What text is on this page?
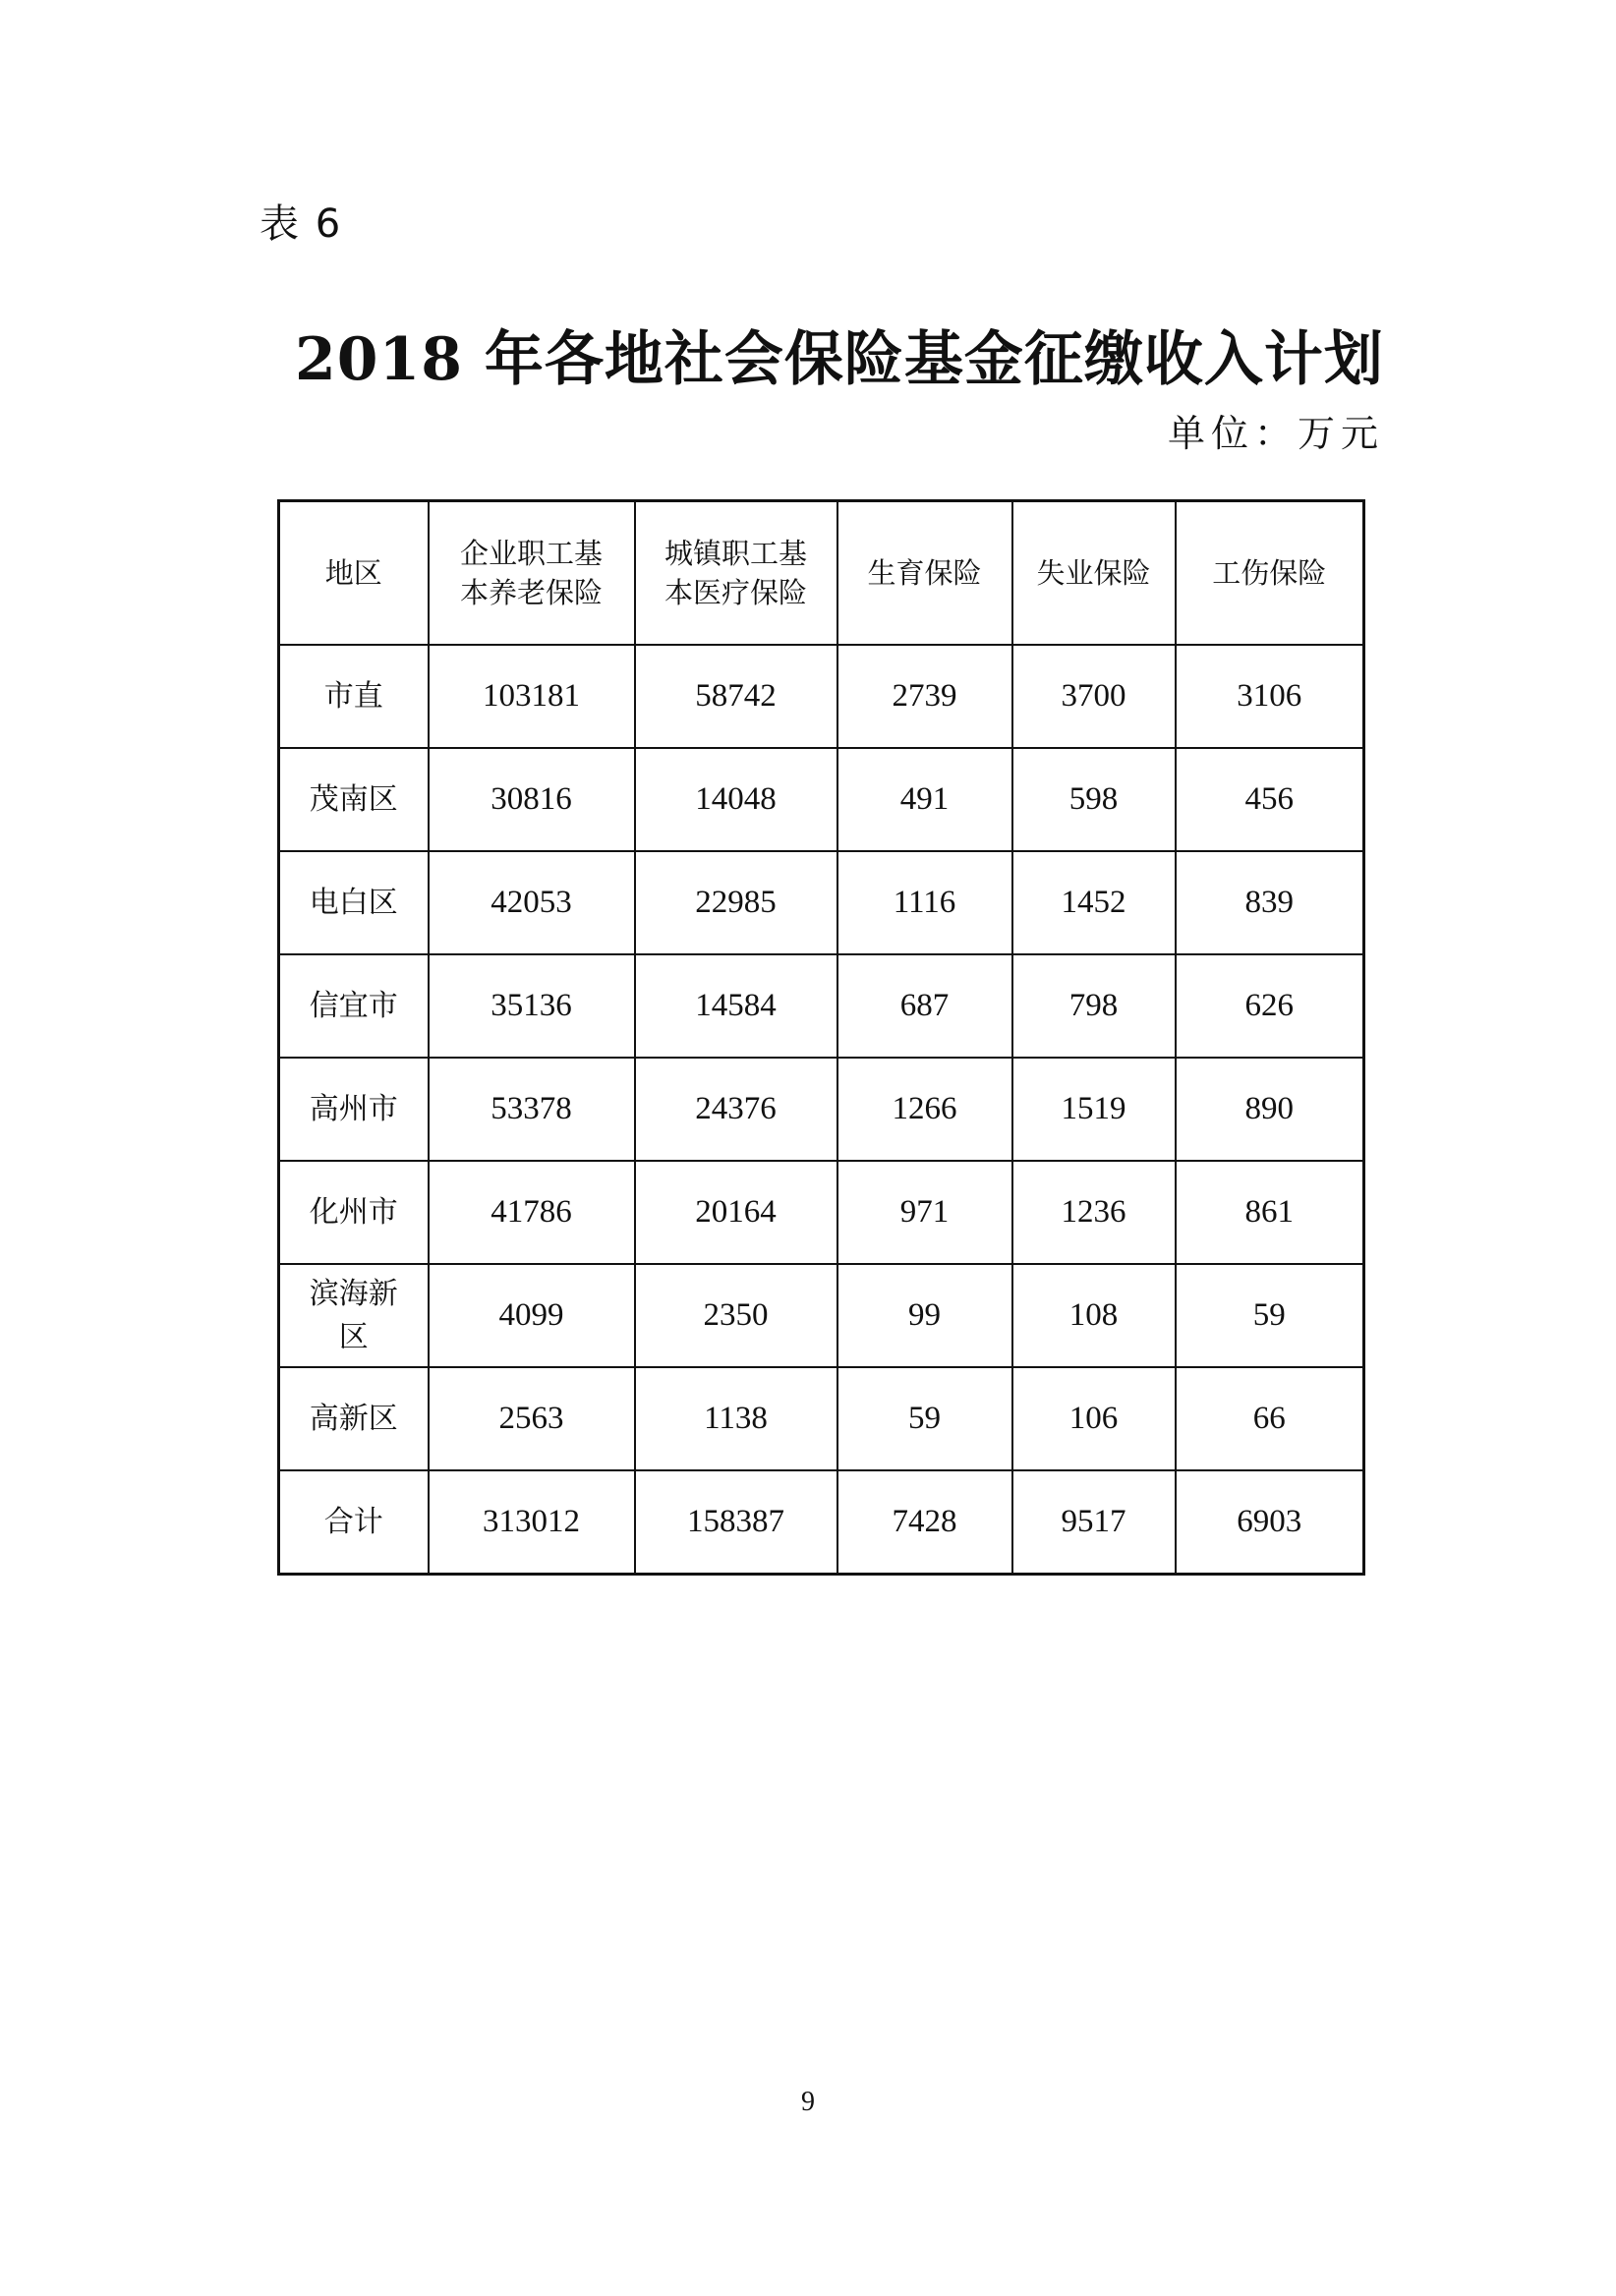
表 6
2018 年各地社会保险基金征缴收入计划
单位：万元
地区	企业职工基本养老保险	城镇职工基本医疗保险	生育保险	失业保险	工伤保险
市直	103181	58742	2739	3700	3106
茂南区	30816	14048	491	598	456
电白区	42053	22985	1116	1452	839
信宜市	35136	14584	687	798	626
高州市	53378	24376	1266	1519	890
化州市	41786	20164	971	1236	861
滨海新区	4099	2350	99	108	59
高新区	2563	1138	59	106	66
合计	313012	158387	7428	9517	6903
9
